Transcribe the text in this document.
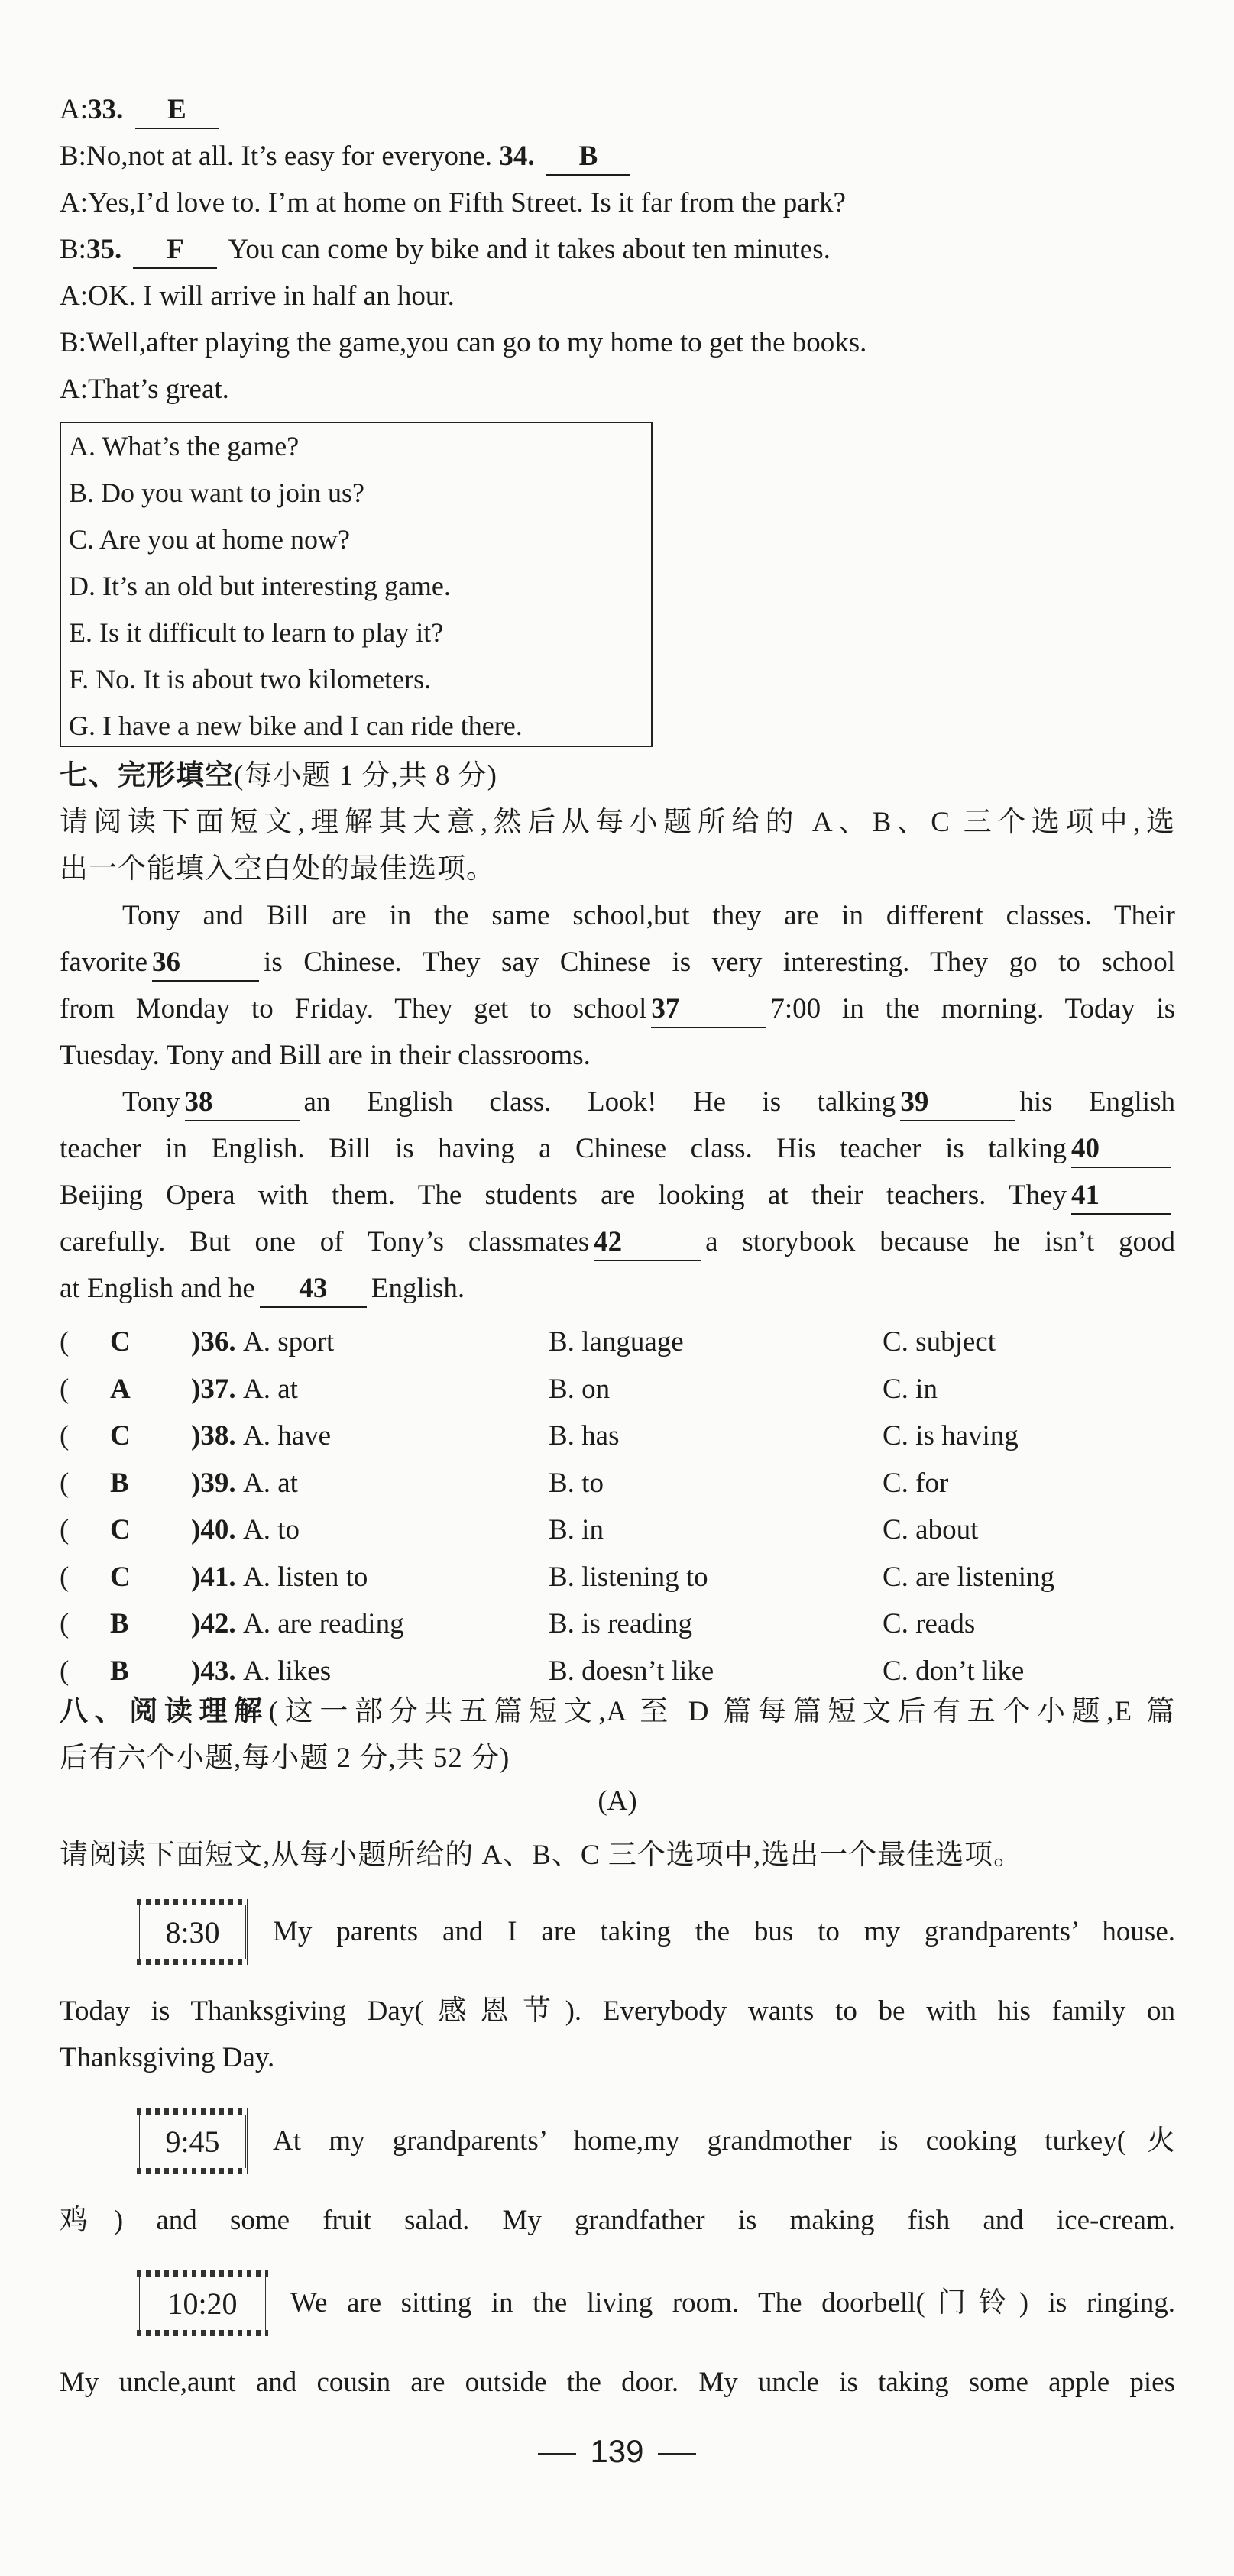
A:33. E
B:No,not at all. It’s easy for everyone. 34. B
A:Yes,I’d love to. I’m at home on Fifth Street. Is it far from the park?
B:35. F You can come by bike and it takes about ten minutes.
A:OK. I will arrive in half an hour.
B:Well,after playing the game,you can go to my home to get the books.
A:That’s great.
A. What’s the game?
B. Do you want to join us?
C. Are you at home now?
D. It’s an old but interesting game.
E. Is it difficult to learn to play it?
F. No. It is about two kilometers.
G. I have a new bike and I can ride there.
七、完形填空(每小题 1 分,共 8 分)
请阅读下面短文,理解其大意,然后从每小题所给的 A、B、C 三个选项中,选
出一个能填入空白处的最佳选项。
Tony and Bill are in the same school,but they are in different classes. Their
favorite 36	is Chinese. They say Chinese is very interesting. They go to school
from Monday to Friday. They get to school 37	7:00 in the morning. Today is
Tuesday. Tony and Bill are in their classrooms.
Tony 38	an English class. Look! He is talking 39	his English
teacher in English. Bill is having a Chinese class. His teacher is talking 40
Beijing Opera with them. The students are looking at their teachers. They 41
carefully. But one of Tony’s classmates 42	a storybook because he isn’t good
at English and he 43 English.
( C )36. A. sport	B. language	C. subject
( A )37. A. at	B. on	C. in
( C )38. A. have	B. has	C. is having
( B )39. A. at	B. to	C. for
( C )40. A. to	B. in	C. about
( C )41. A. listen to	B. listening to	C. are listening
( B )42. A. are reading	B. is reading	C. reads
( B )43. A. likes	B. doesn’t like	C. don’t like
八、阅读理解(这一部分共五篇短文,A 至 D 篇每篇短文后有五个小题,E 篇
后有六个小题,每小题 2 分,共 52 分)
(A)
请阅读下面短文,从每小题所给的 A、B、C 三个选项中,选出一个最佳选项。
8:30	My parents and I are taking the bus to my grandparents’ house.
Today is Thanksgiving Day(感恩节). Everybody wants to be with his family on
Thanksgiving Day.
9:45	At my grandparents’ home,my grandmother is cooking turkey(火
鸡) and some fruit salad. My grandfather is making fish and ice-cream.
10:20	We are sitting in the living room. The doorbell(门铃) is ringing.
My uncle,aunt and cousin are outside the door. My uncle is taking some apple pies
139
